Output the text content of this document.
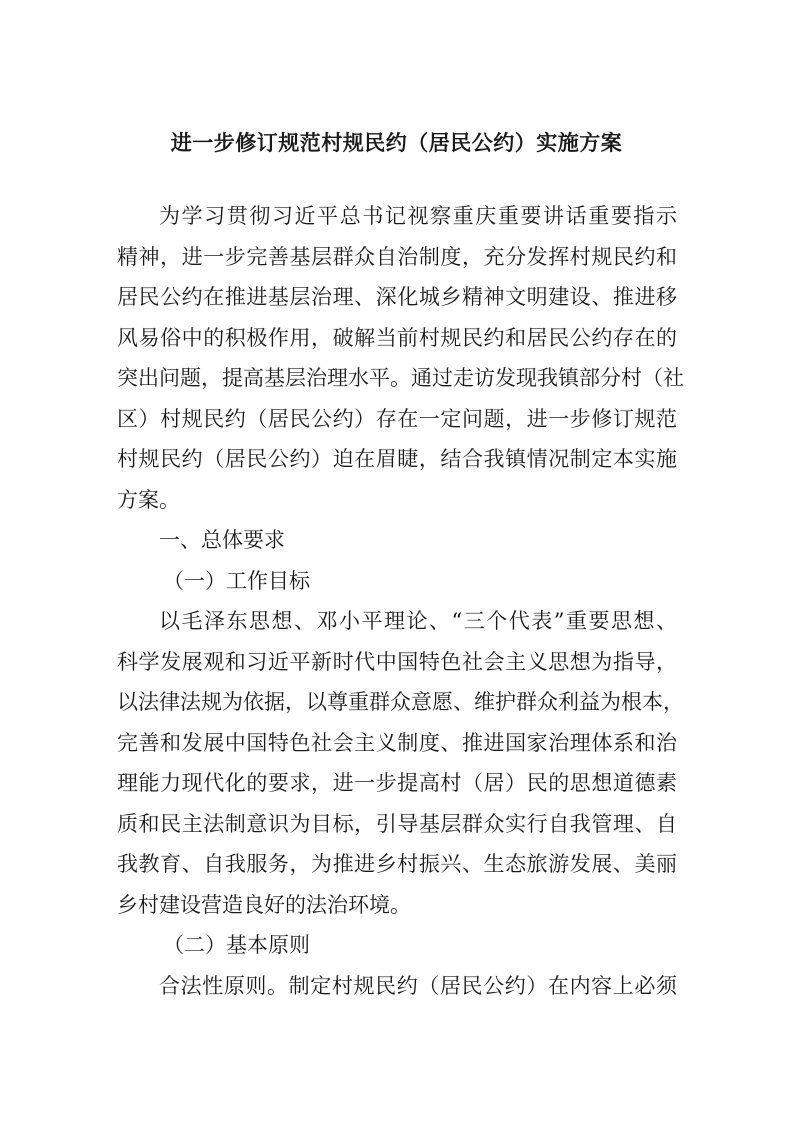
进一步修订规范村规民约（居民公约）实施方案
为学习贯彻习近平总书记视察重庆重要讲话重要指示
精神，进一步完善基层群众自治制度，充分发挥村规民约和
居民公约在推进基层治理、深化城乡精神文明建设、推进移
风易俗中的积极作用，破解当前村规民约和居民公约存在的
突出问题，提高基层治理水平。通过走访发现我镇部分村（社
区）村规民约（居民公约）存在一定问题，进一步修订规范
村规民约（居民公约）迫在眉睫，结合我镇情况制定本实施
方案。
一、总体要求
（一）工作目标
以毛泽东思想、邓小平理论、“三个代表”重要思想、
科学发展观和习近平新时代中国特色社会主义思想为指导，
以法律法规为依据，以尊重群众意愿、维护群众利益为根本，
完善和发展中国特色社会主义制度、推进国家治理体系和治
理能力现代化的要求，进一步提高村（居）民的思想道德素
质和民主法制意识为目标，引导基层群众实行自我管理、自
我教育、自我服务，为推进乡村振兴、生态旅游发展、美丽
乡村建设营造良好的法治环境。
（二）基本原则
合法性原则。制定村规民约（居民公约）在内容上必须
